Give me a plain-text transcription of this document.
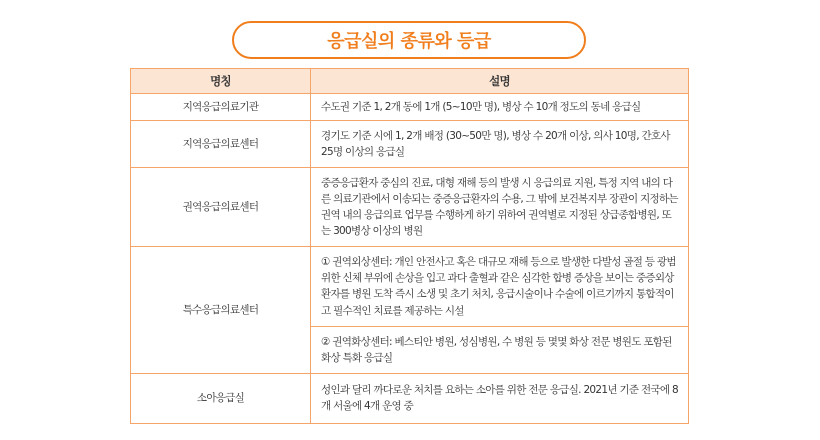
응급실의 종류와 등급
명칭	설명
지역응급의료기관	수도권 기준 1, 2개 동에 1개 (5~10만 명), 병상 수 10개 정도의 동네 응급실
지역응급의료센터	경기도 기준 시에 1, 2개 배정 (30~50만 명), 병상 수 20개 이상, 의사 10명, 간호사 25명 이상의 응급실
권역응급의료센터	중증응급환자 중심의 진료, 대형 재해 등의 발생 시 응급의료 지원, 특정 지역 내의 다른 의료기관에서 이송되는 중증응급환자의 수용, 그 밖에 보건복지부 장관이 지정하는 권역 내의 응급의료 업무를 수행하게 하기 위하여 권역별로 지정된 상급종합병원, 또는 300병상 이상의 병원
특수응급의료센터	① 권역외상센터: 개인 안전사고 혹은 대규모 재해 등으로 발생한 다발성 골절 등 광범위한 신체 부위에 손상을 입고 과다 출혈과 같은 심각한 합병 증상을 보이는 중증외상환자를 병원 도착 즉시 소생 및 초기 처치, 응급시술이나 수술에 이르기까지 통합적이고 필수적인 치료를 제공하는 시설
	② 권역화상센터: 베스티안 병원, 성심병원, 수 병원 등 몇몇 화상 전문 병원도 포함된 화상 특화 응급실
소아응급실	성인과 달리 까다로운 처치를 요하는 소아를 위한 전문 응급실. 2021년 기준 전국에 8개 서울에 4개 운영 중
